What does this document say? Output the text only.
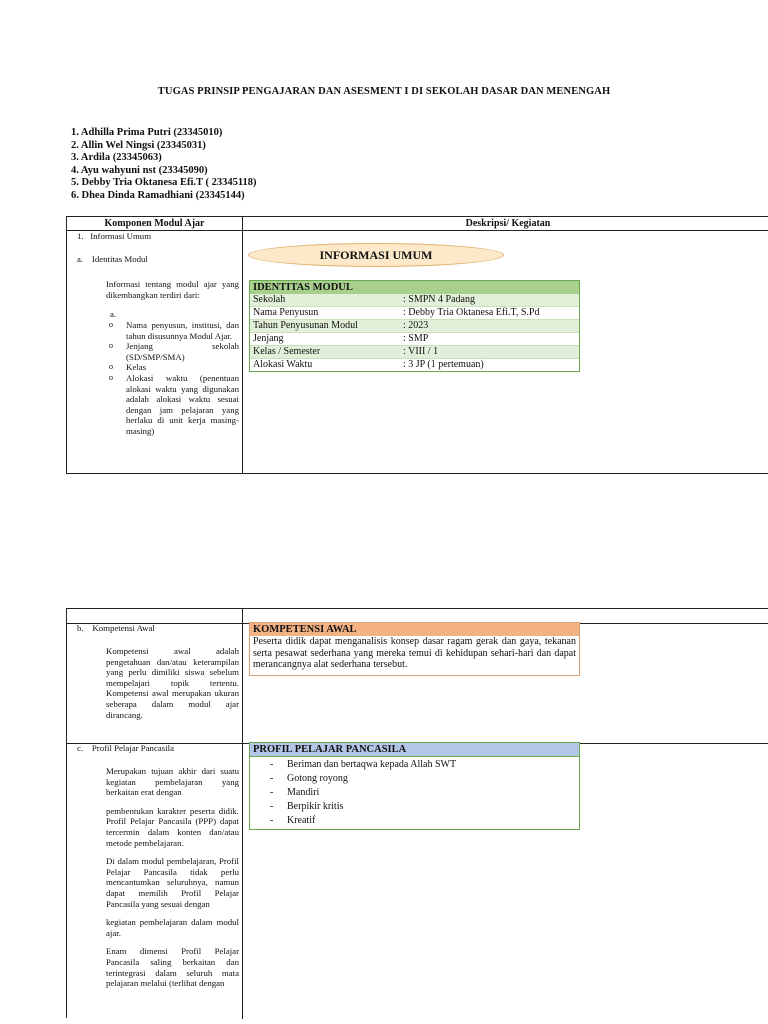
TUGAS PRINSIP PENGAJARAN DAN ASESMENT I DI SEKOLAH DASAR DAN MENENGAH
1. Adhilla Prima Putri (23345010)
2. Allin Wel Ningsi (23345031)
3. Ardila (23345063)
4. Ayu wahyuni nst (23345090)
5. Debby Tria Oktanesa Efi.T ( 23345118)
6. Dhea Dinda Ramadhiani (23345144)
Komponen Modul Ajar	Deskripsi/ Kegiatan
1.   Informasi Umum
a.    Identitas Modul
Informasi tentang modul ajar yang dikembangkan terdiri dari:
a.
o Nama penyusun, institusi, dan tahun disusunnya Modul Ajar.
o Jenjang sekolah (SD/SMP/SMA)
o Kelas
o Alokasi waktu (penentuan alokasi waktu yang digunakan adalah alokasi waktu sesuai dengan jam pelajaran yang berlaku di unit kerja masing-masing)
INFORMASI UMUM
IDENTITAS MODUL
Sekolah	: SMPN 4 Padang
Nama Penyusun	: Debby Tria Oktanesa Efi.T, S.Pd
Tahun Penyusunan Modul	: 2023
Jenjang	: SMP
Kelas / Semester	: VIII / 1
Alokasi Waktu	: 3 JP (1 pertemuan)
b.    Kompetensi Awal
Kompetensi awal adalah pengetahuan dan/atau keterampilan yang perlu dimiliki siswa sebelum mempelajari topik tertentu. Kompetensi awal merupakan ukuran seberapa dalam modul ajar dirancang.
KOMPETENSI AWAL
Peserta didik dapat menganalisis konsep dasar ragam gerak dan gaya, tekanan serta pesawat sederhana yang mereka temui di kehidupan sehari-hari dan dapat merancangnya alat sederhana tersebut.
c.    Profil Pelajar Pancasila
Merupakan tujuan akhir dari suatu kegiatan pembelajaran yang berkaitan erat dengan
pembentukan karakter peserta didik. Profil Pelajar Pancasila (PPP) dapat tercermin dalam konten dan/atau metode pembelajaran.
Di dalam modul pembelajaran, Profil Pelajar Pancasila tidak perlu mencantumkan seluruhnya, namun dapat memilih Profil Pelajar Pancasila yang sesuai dengan
kegiatan pembelajaran dalam modul ajar.
Enam dimensi Profil Pelajar Pancasila saling berkaitan dan terintegrasi dalam seluruh mata pelajaran melalui (terlihat dengan
PROFIL PELAJAR PANCASILA
- Beriman dan bertaqwa kepada Allah SWT
- Gotong royong
- Mandiri
- Berpikir kritis
- Kreatif
